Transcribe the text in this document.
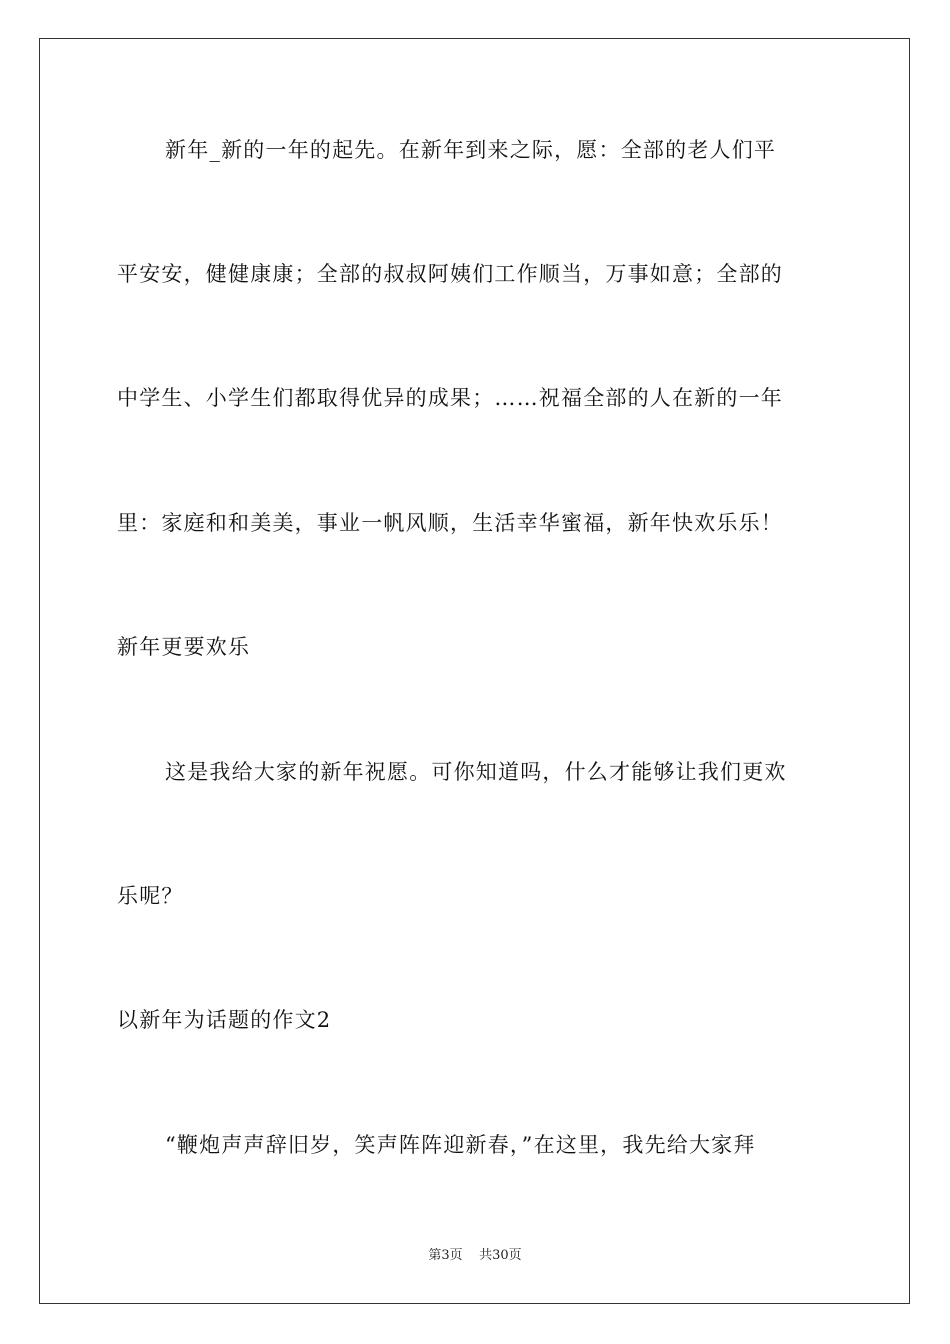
新年_新的一年的起先。在新年到来之际，愿：全部的老人们平
平安安，健健康康；全部的叔叔阿姨们工作顺当，万事如意；全部的
中学生、小学生们都取得优异的成果；……祝福全部的人在新的一年
里：家庭和和美美，事业一帆风顺，生活幸华蜜福，新年快欢乐乐！
新年更要欢乐
这是我给大家的新年祝愿。可你知道吗，什么才能够让我们更欢
乐呢？
以新年为话题的作文2
“鞭炮声声辞旧岁，笑声阵阵迎新春，”在这里，我先给大家拜
第3页    共30页
